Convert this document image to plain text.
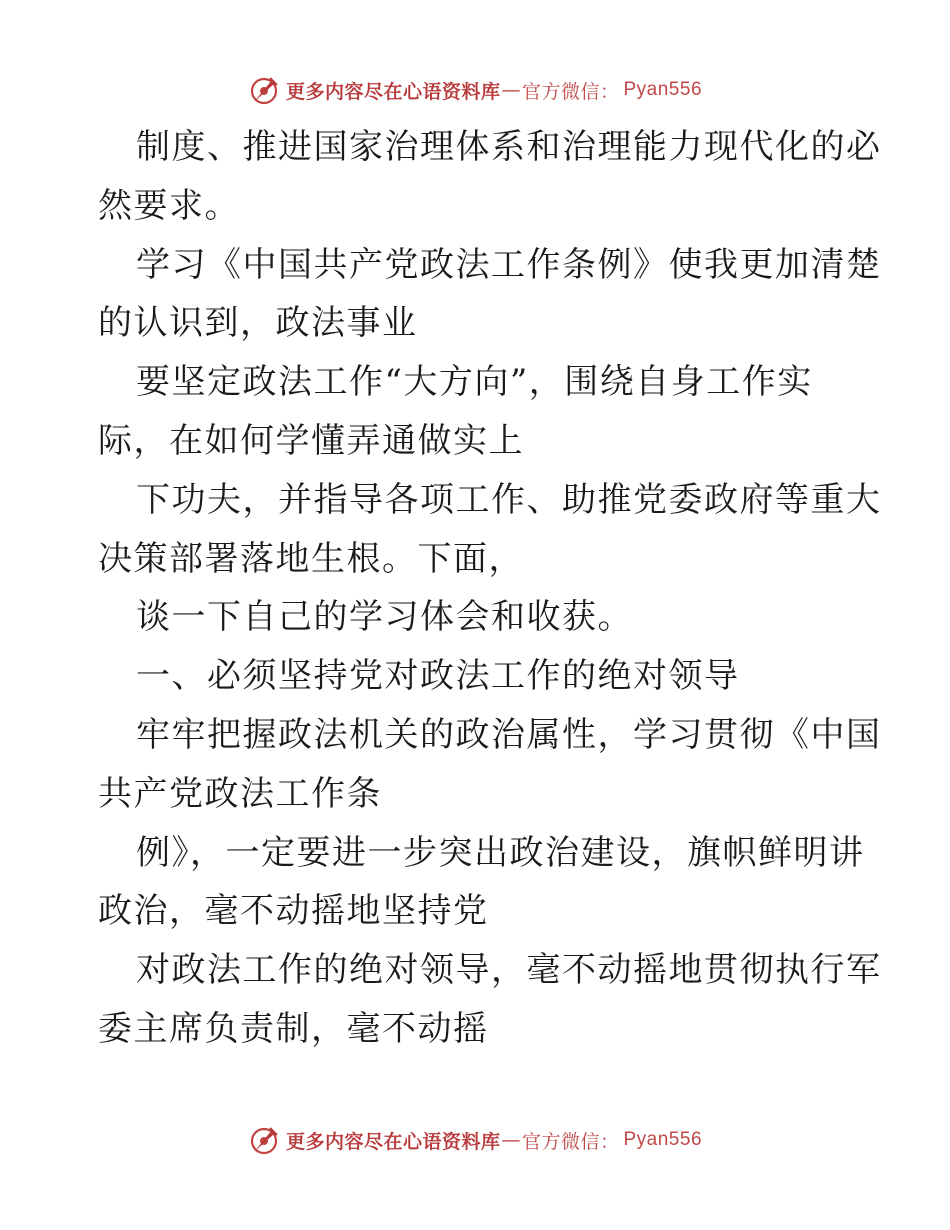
更多内容尽在心语资料库 — 官方微信： Pyan556
制度、推进国家治理体系和治理能力现代化的必
然要求。
学习《中国共产党政法工作条例》使我更加清楚
的认识到，政法事业
要坚定政法工作“大方向”，围绕自身工作实
际，在如何学懂弄通做实上
下功夫，并指导各项工作、助推党委政府等重大
决策部署落地生根。下面，
谈一下自己的学习体会和收获。
一、必须坚持党对政法工作的绝对领导
牢牢把握政法机关的政治属性，学习贯彻《中国
共产党政法工作条
例》，一定要进一步突出政治建设，旗帜鲜明讲
政治，毫不动摇地坚持党
对政法工作的绝对领导，毫不动摇地贯彻执行军
委主席负责制，毫不动摇
更多内容尽在心语资料库 — 官方微信： Pyan556
